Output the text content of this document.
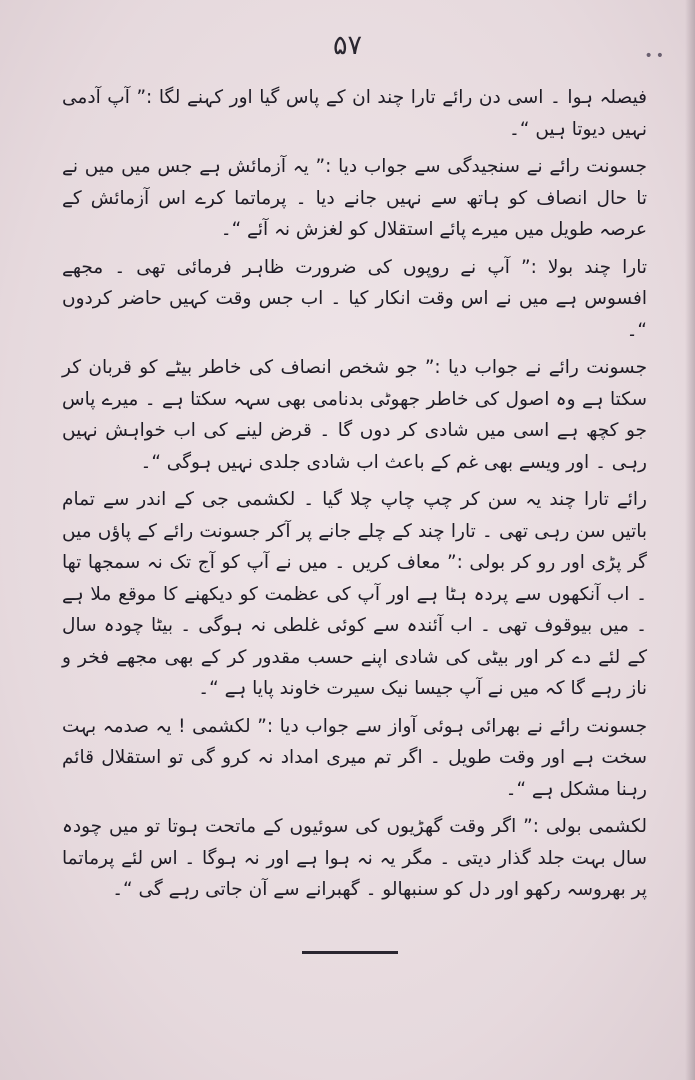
۵۷	••

فیصلہ ہوا ۔ اسی دن رائے تارا چند ان کے پاس گیا اور کہنے لگا :” آپ آدمی نہیں دیوتا ہیں “۔

جسونت رائے نے سنجیدگی سے جواب دیا :” یہ آزمائش ہے جس میں میں نے تا حال انصاف کو ہاتھ سے نہیں جانے دیا ۔ پرماتما کرے اس آزمائش کے عرصہ طویل میں میرے پائے استقلال کو لغزش نہ آئے “۔

تارا چند بولا :” آپ نے روپوں کی ضرورت ظاہر فرمائی تھی ۔ مجھے افسوس ہے میں نے اس وقت انکار کیا ۔ اب جس وقت کہیں حاضر کردوں “۔

جسونت رائے نے جواب دیا :” جو شخص انصاف کی خاطر بیٹے کو قربان کر سکتا ہے وہ اصول کی خاطر جھوٹی بدنامی بھی سہہ سکتا ہے ۔ میرے پاس جو کچھ ہے اسی میں شادی کر دوں گا ۔ قرض لینے کی اب خواہش نہیں رہی ۔ اور ویسے بھی غم کے باعث اب شادی جلدی نہیں ہوگی “۔

رائے تارا چند یہ سن کر چپ چاپ چلا گیا ۔ لکشمی جی کے اندر سے تمام باتیں سن رہی تھی ۔ تارا چند کے چلے جانے پر آکر جسونت رائے کے پاؤں میں گر پڑی اور رو کر بولی :” معاف کریں ۔ میں نے آپ کو آج تک نہ سمجھا تھا ۔ اب آنکھوں سے پردہ ہٹا ہے اور آپ کی عظمت کو دیکھنے کا موقع ملا ہے ۔ میں بیوقوف تھی ۔ اب آئندہ سے کوئی غلطی نہ ہوگی ۔ بیٹا چودہ سال کے لئے دے کر اور بیٹی کی شادی اپنے حسب مقدور کر کے بھی مجھے فخر و ناز رہے گا کہ میں نے آپ جیسا نیک سیرت خاوند پایا ہے “۔

جسونت رائے نے بھرائی ہوئی آواز سے جواب دیا :” لکشمی ! یہ صدمہ بہت سخت ہے اور وقت طویل ۔ اگر تم میری امداد نہ کرو گی تو استقلال قائم رہنا مشکل ہے “۔

لکشمی بولی :” اگر وقت گھڑیوں کی سوئیوں کے ماتحت ہوتا تو میں چودہ سال بہت جلد گذار دیتی ۔ مگر یہ نہ ہوا ہے اور نہ ہوگا ۔ اس لئے پرماتما پر بھروسہ رکھو اور دل کو سنبھالو ۔ گھبرانے سے آن جاتی رہے گی “۔
